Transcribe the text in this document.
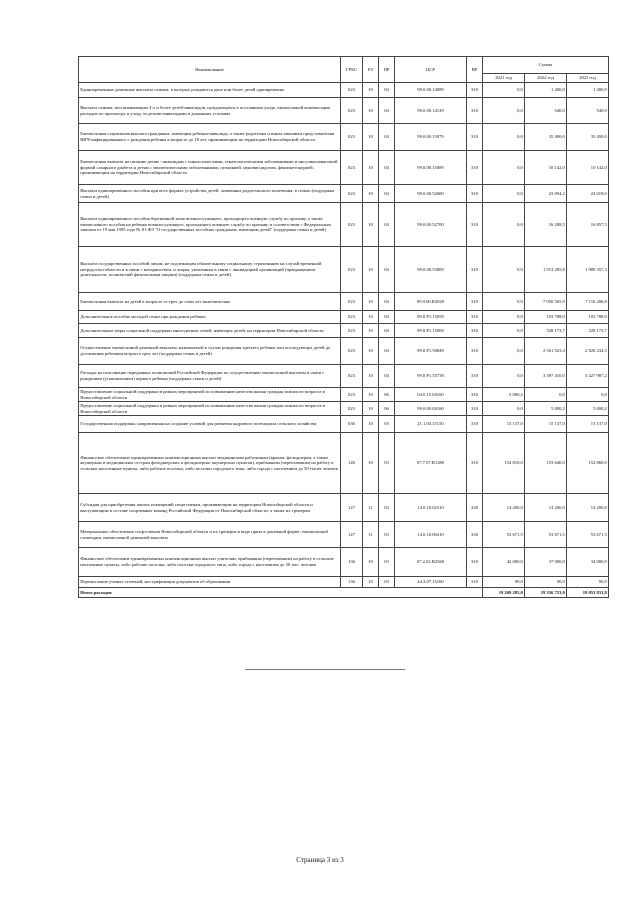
Наименование	ГРБС	РЗ	ПР	ЦСР	ВР	Сумма		
						2021 год	2022 год	2023 год
Единовременные денежные выплаты семьям, в которых рождаются двое или более детей одновременно	023	10	04	99.0.00.14089	310	0,0	1 400,0	1 400,0
Выплата семьям, воспитывающим 3-х и более детей-инвалидов, нуждающихся в постоянном уходе, ежемесячной компенсации расходов по присмотру и уходу за детьми-инвалидами в домашних условиях	023	10	04	99.0.00.14129	310	0,0	540,0	540,0
Ежемесячная социальная выплата гражданам, имеющим ребенка-инвалида, а также родителям и иным законным представителям ВИЧ-инфицированного с рождения ребенка в возрасте до 18 лет, проживающим на территории Новосибирской области	023	10	04	99.0.00.15079	310	0,0	35 490,0	35 490,0
Ежемесячная выплата на питание детям - инвалидам с онкологическими, гематологическими заболеваниями и инсулинозависимой формой сахарного диабета и детям с эпилептическими заболеваниями, целиакией, муковисцидозом, фенилкетонурией, проживающим на территории Новосибирской области	023	10	04	99.0.00.15089	310	0,0	10 142,0	10 142,0
Выплата единовременного пособия при всех формах устройства детей, лишенных родительского попечения, в семью (поддержка семьи и детей)	023	10	04	99.0.00.52600	310	0,0	23 094,2	24 018,0
Выплата единовременного пособия беременной жене военнослужащего, проходящего военную службу по призыву, а также ежемесячного пособия на ребенка военнослужащего, проходящего военную службу по призыву, в соответствии с Федеральным законом от 19 мая 1995 года № 81-ФЗ "О государственных пособиях гражданам, имеющим детей" (поддержка семьи и детей)	023	10	04	99.0.00.52700	310	0,0	16 208,5	16 857,5
Выплата государственных пособий лицам, не подлежащим обязательному социальному страхованию на случай временной нетрудоспособности и в связи с материнством, и лицам, уволенным в связи с ликвидацией организаций (прекращением деятельности, полномочий физическими лицами) (поддержка семьи и детей)	023	10	04	99.0.00.53809	310	0,0	1 913 285,8	1 989 357,3
Ежемесячная выплата на детей в возрасте от трех до семи лет включительно	023	10	04	99.0.00.R3020	310	0,0	7 050 505,9	7 116 206,8
Дополнительное пособие молодой семье при рождении ребенка	023	10	04	99.0.P1.15059	310	0,0	103 788,0	103 788,0
Дополнительные меры социальной поддержки многодетных семей, имеющих детей, на территории Новосибирской области	023	10	04	99.0.P1.15069	310	0,0	528 173,7	528 173,7
Осуществление ежемесячной денежной выплаты, назначаемой в случае рождения третьего ребенка или последующих детей до достижения ребенком возраста трех лет (поддержка семьи и детей)	023	10	04	99.0.P1.50849	310	0,0	2 561 923,4	2 820 234,5
Расходы на исполнение переданных полномочий Российской Федерации по осуществлению ежемесячной выплаты в связи с рождением (усыновлением) первого ребенка (поддержка семьи и детей)	023	10	04	99.0.P1.55739	310	0,0	3 397 410,0	3 427 987,2
Предоставление социальной поддержки в рамках мероприятий по повышению качества жизни граждан пожилого возраста в Новосибирской области	023	10	06	04.0.15.04160	310	5 000,2	0,0	0,0
Предоставление социальной поддержки в рамках мероприятий по повышению качества жизни граждан пожилого возраста в Новосибирской области	023	10	06	99.0.00.04160	310	0,0	5 000,2	5 000,2
Государственная поддержка, направленная на создание условий для развития кадрового потенциала сельского хозяйства	036	10	03	21.1.03.15150	310	15 137,0	15 137,0	15 137,0
Финансовое обеспечение единовременных компенсационных выплат медицинским работникам (врачам, фельдшерам, а также акушеркам и медицинским сестрам фельдшерских и фельдшерско-акушерских пунктов), прибывшим (переехавшим) на работу в сельские населенные пункты, либо рабочие поселки, либо поселки городского типа, либо города с населением до 50 тысяч человек	126	10	03	07.7.07.R1380	310	154 810,0	153 640,0	152 860,0
Субсидия для приобретения жилых помещений спортсменам, проживающим на территории Новосибирской области и выступающим в составе спортивных команд Российской Федерации от Новосибирской области, а также их тренерам	127	11	03	14.0.10.02310	330	14 200,0	14 200,0	14 200,0
Материальное обеспечение спортсменов Новосибирской области и их тренеров в виде приза в денежной форме, ежемесячной стипендии, ежемесячной денежной выплаты	127	11	03	14.0.10.06410	330	53 671,5	53 671,5	53 671,5
Финансовое обеспечение единовременных компенсационных выплат учителям, прибывшим (переехавшим) на работу в сельские населенные пункты, либо рабочие поселки, либо поселки городского типа, либо города с населением до 50 тыс. человек	136	10	03	07.2.02.R2560	310	42 000,0	37 000,0	34 000,0
Перечисление ученых степеней, нострификация документов об образовании	136	10	03	44.3.07.15160	310	90,0	90,0	90,0
Итого расходов						19 269 285,0	19 356 723,0	19 053 831,8
Страница 3 из 3
